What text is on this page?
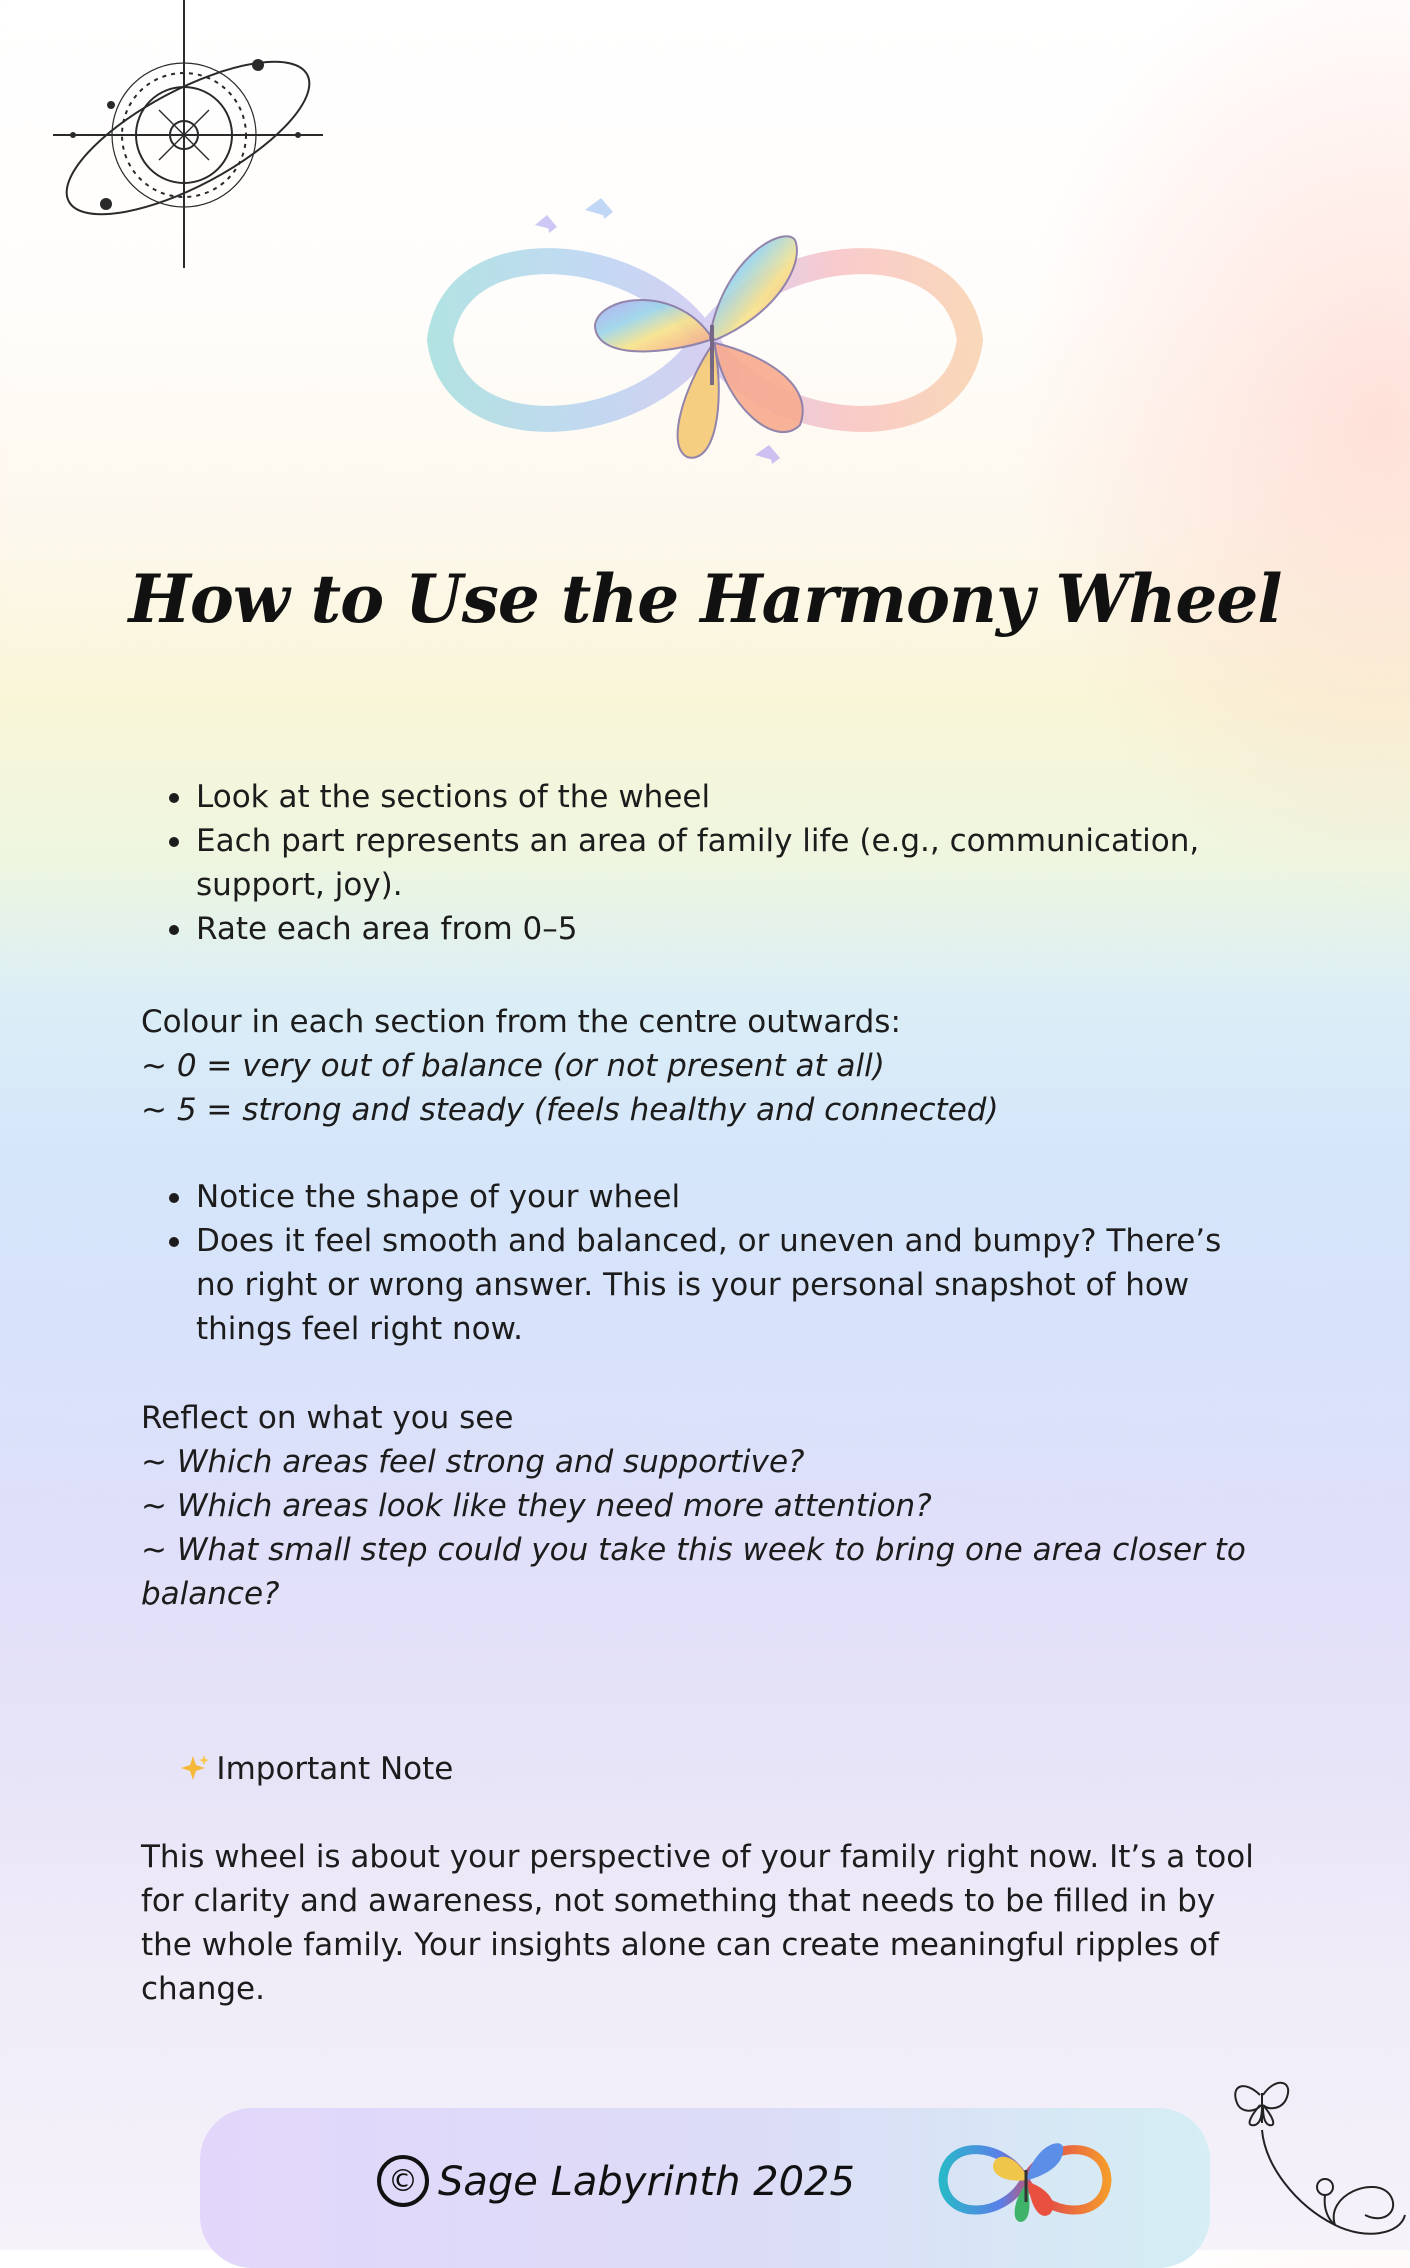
How to Use the Harmony Wheel
Look at the sections of the wheel
Each part represents an area of family life (e.g., communication, support, joy).
Rate each area from 0–5
Colour in each section from the centre outwards:
~ 0 = very out of balance (or not present at all)
~ 5 = strong and steady (feels healthy and connected)
Notice the shape of your wheel
Does it feel smooth and balanced, or uneven and bumpy? There’s no right or wrong answer. This is your personal snapshot of how things feel right now.
Reflect on what you see
~ Which areas feel strong and supportive?
~ Which areas look like they need more attention?
~ What small step could you take this week to bring one area closer to balance?

Important Note

This wheel is about your perspective of your family right now. It’s a tool for clarity and awareness, not something that needs to be filled in by the whole family. Your insights alone can create meaningful ripples of change.
© Sage Labyrinth 2025
